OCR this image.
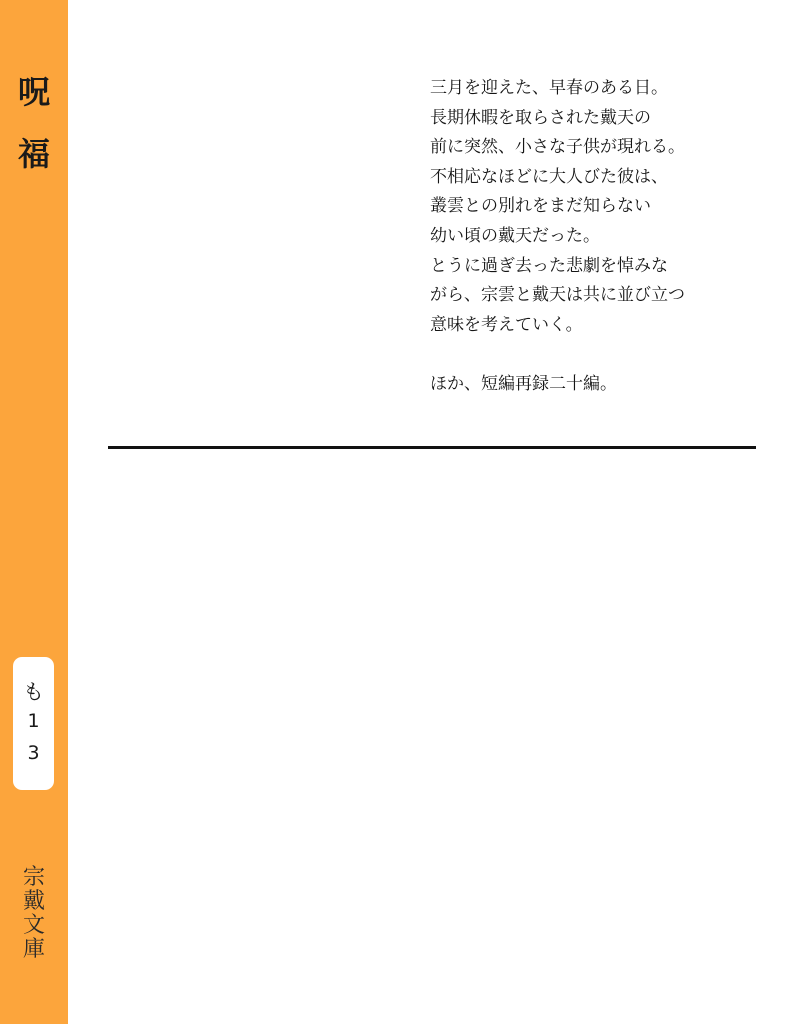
呪
福
も
1
3
宗
戴
文
庫

三月を迎えた、早春のある日。

長期休暇を取らされた戴天の

前に突然、小さな子供が現れる。

不相応なほどに大人びた彼は、

叢雲との別れをまだ知らない

幼い頃の戴天だった。

とうに過ぎ去った悲劇を悼みな

がら、宗雲と戴天は共に並び立つ

意味を考えていく。

ほか、短編再録二十編。
